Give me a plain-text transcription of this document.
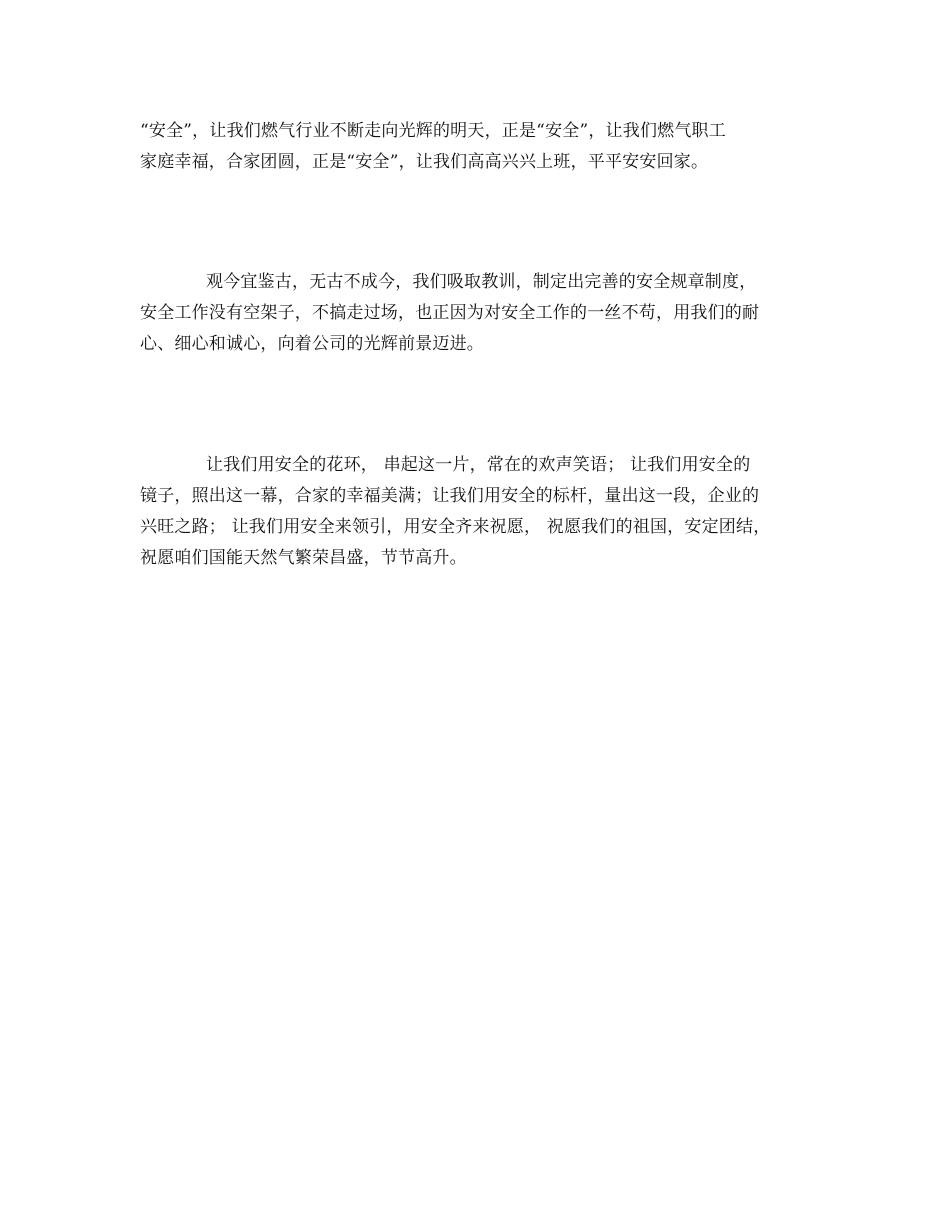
“安全”，让我们燃气行业不断走向光辉的明天，正是“安全”，让我们燃气职工
家庭幸福，合家团圆，正是“安全”，让我们高高兴兴上班，平平安安回家。

观今宜鉴古，无古不成今，我们吸取教训，制定出完善的安全规章制度，
安全工作没有空架子，不搞走过场，也正因为对安全工作的一丝不苟，用我们的耐
心、细心和诚心，向着公司的光辉前景迈进。

让我们用安全的花环， 串起这一片，常在的欢声笑语； 让我们用安全的
镜子，照出这一幕，合家的幸福美满；让我们用安全的标杆，量出这一段，企业的
兴旺之路； 让我们用安全来领引，用安全齐来祝愿， 祝愿我们的祖国，安定团结，
祝愿咱们国能天然气繁荣昌盛，节节高升。
